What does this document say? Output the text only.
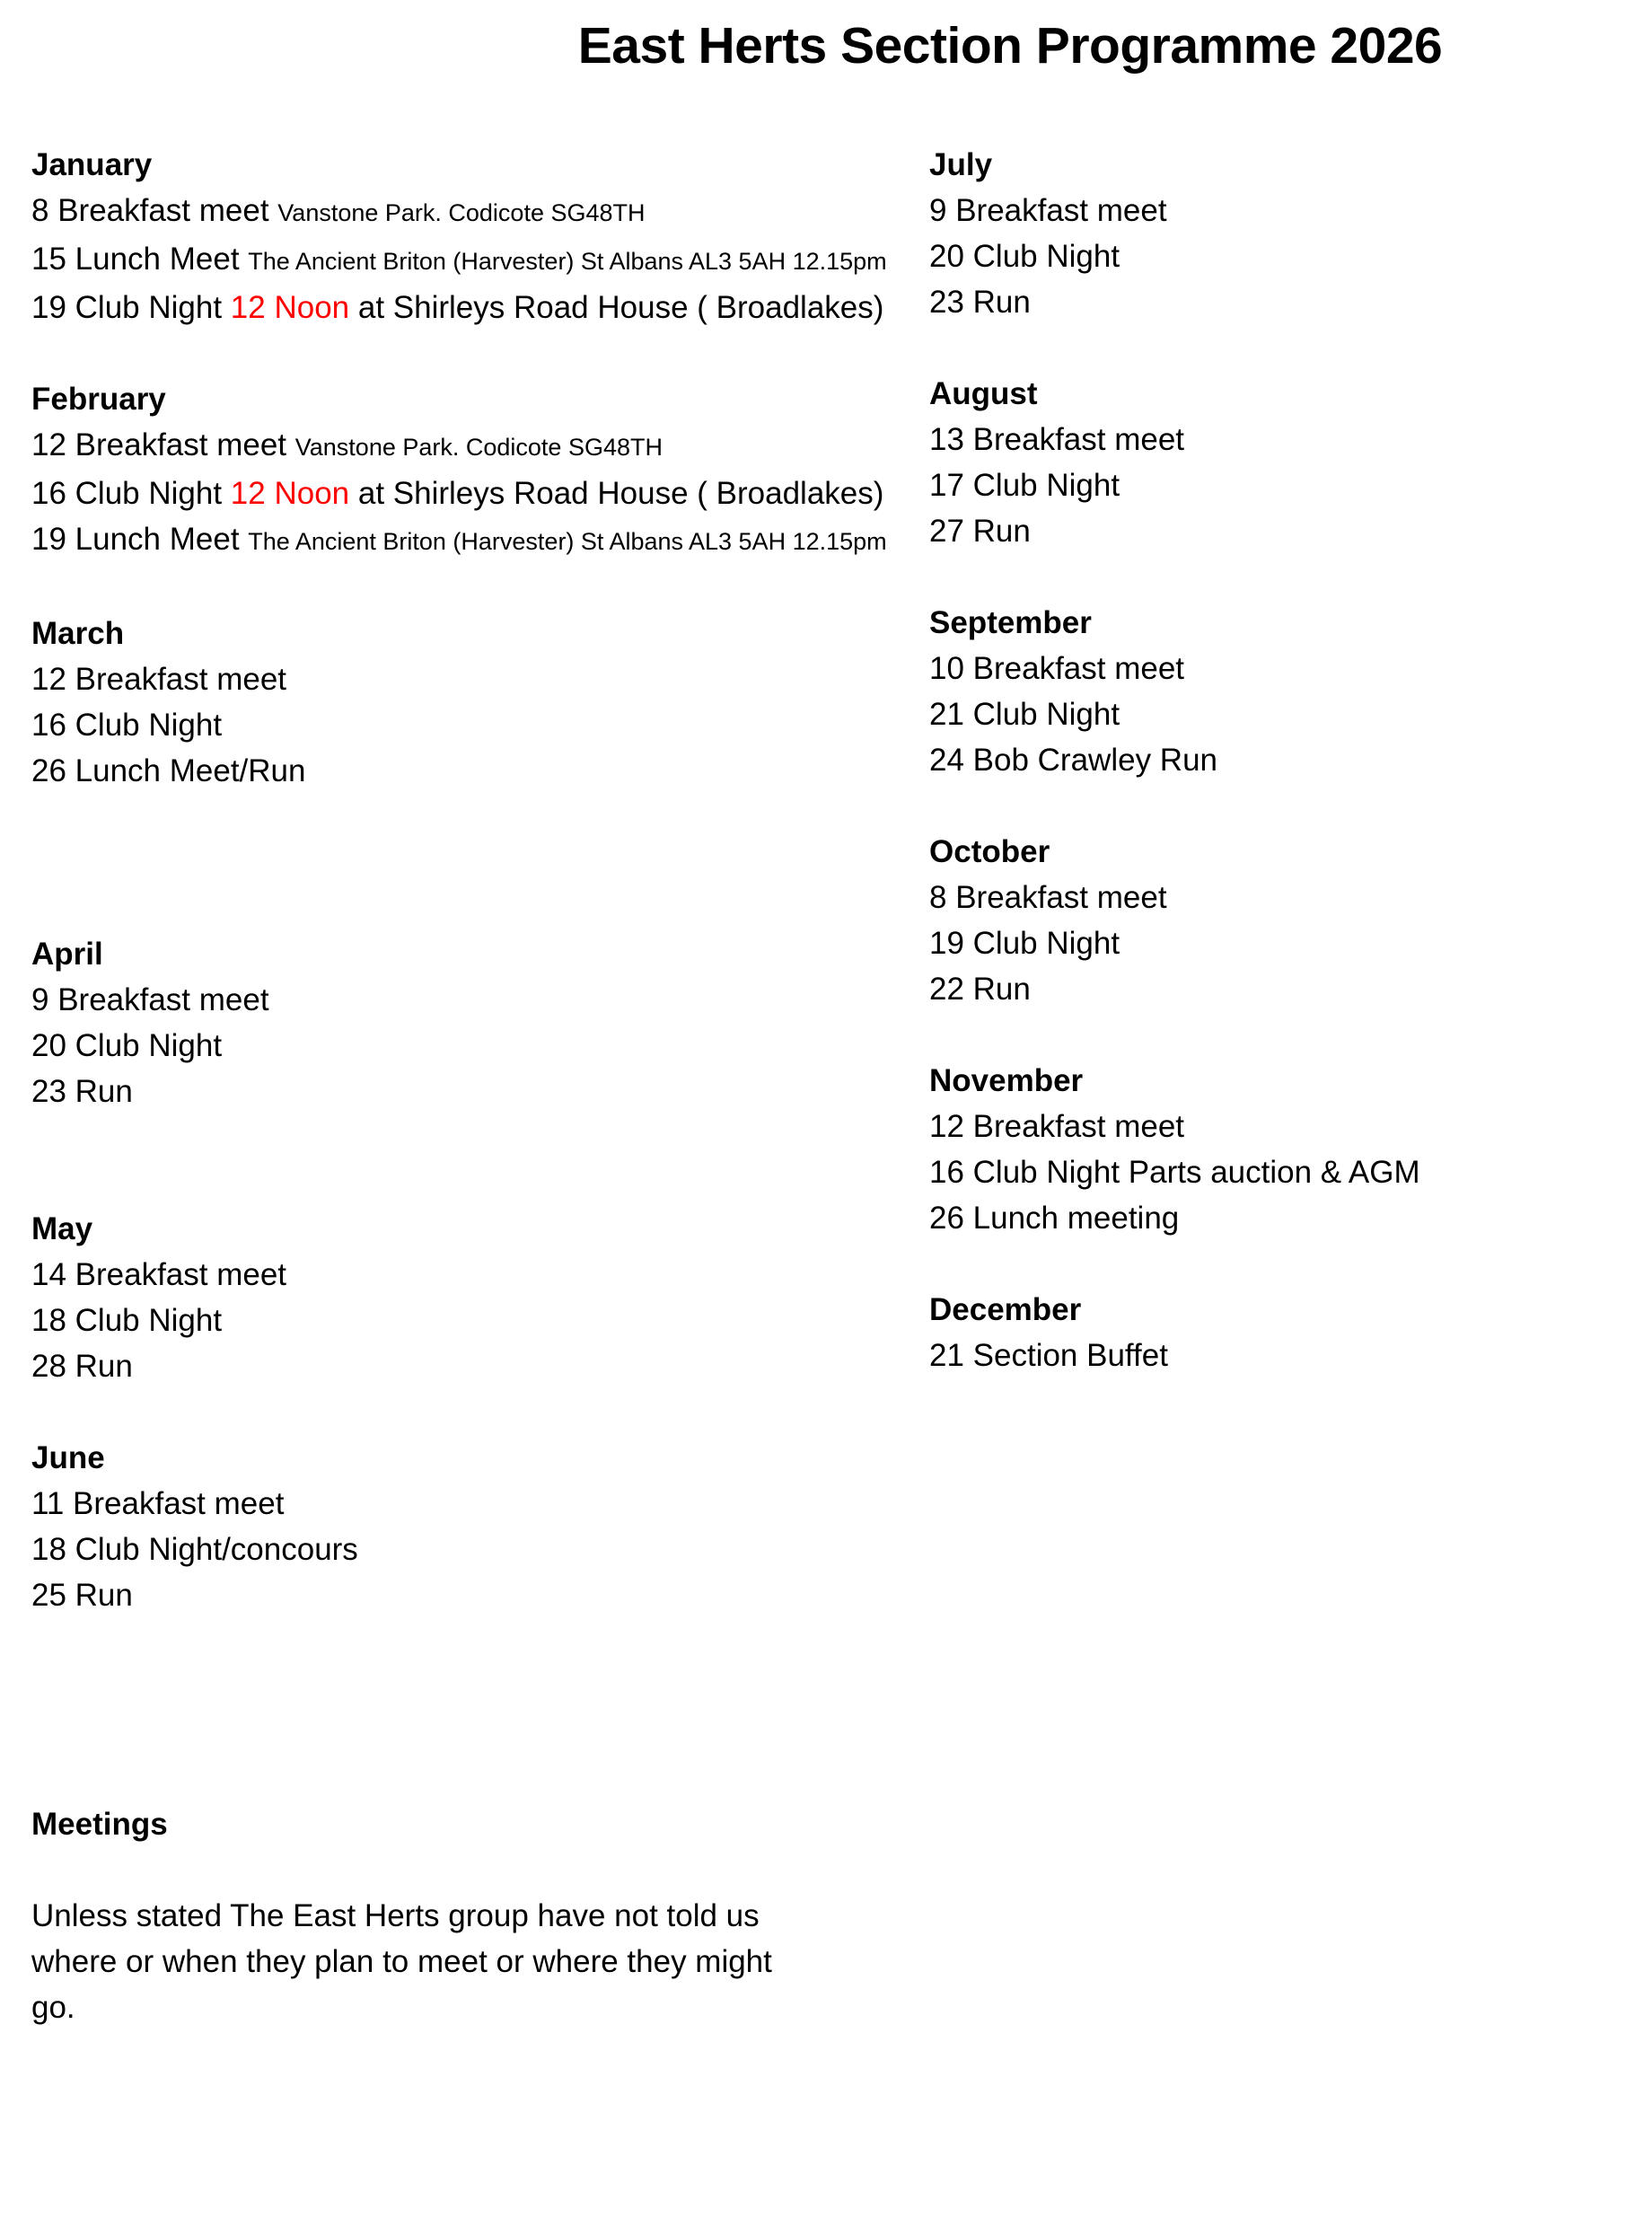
East Herts Section Programme 2026
January
8 Breakfast meet Vanstone Park. Codicote SG48TH
15 Lunch Meet The Ancient Briton (Harvester) St Albans AL3 5AH 12.15pm
19 Club Night 12 Noon at Shirleys Road House ( Broadlakes)
February
12 Breakfast meet Vanstone Park. Codicote SG48TH
16 Club Night 12 Noon at Shirleys Road House ( Broadlakes)
19 Lunch Meet The Ancient Briton (Harvester) St Albans AL3 5AH 12.15pm
March
12 Breakfast meet
16 Club Night
26 Lunch Meet/Run
April
9 Breakfast meet
20 Club Night
23 Run
May
14 Breakfast meet
18 Club Night
28 Run
June
11 Breakfast meet
18 Club Night/concours
25 Run
Meetings
Unless stated The East Herts group have not told us
where or when they plan to meet or where they might
go.
July
9 Breakfast meet
20 Club Night
23 Run
August
13 Breakfast meet
17 Club Night
27 Run
September
10 Breakfast meet
21 Club Night
24 Bob Crawley Run
October
8 Breakfast meet
19 Club Night
22 Run
November
12 Breakfast meet
16 Club Night Parts auction & AGM
26 Lunch meeting
December
21 Section Buffet
